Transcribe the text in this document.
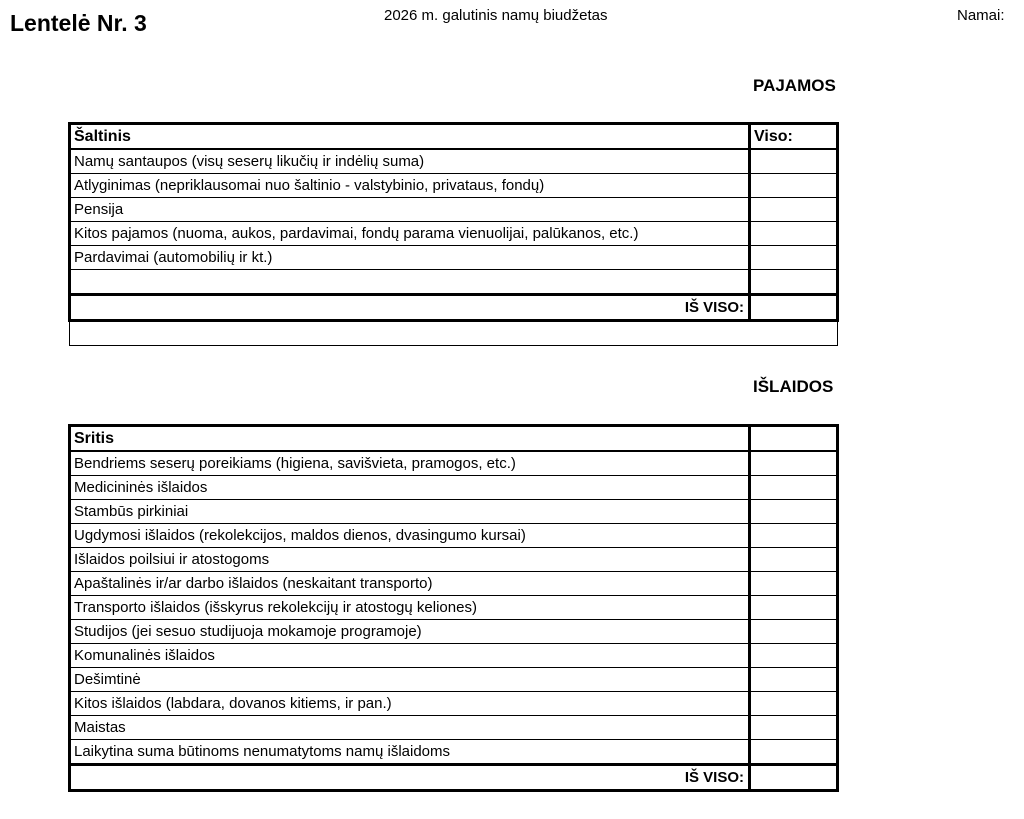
Lentelė Nr. 3	2026 m. galutinis namų biudžetas	Namai:
PAJAMOS
Šaltinis	Viso:
Namų santaupos (visų seserų likučių ir indėlių suma)	
Atlyginimas (nepriklausomai nuo šaltinio - valstybinio, privataus, fondų)	
Pensija	
Kitos pajamos (nuoma, aukos, pardavimai, fondų parama vienuolijai, palūkanos, etc.)	
Pardavimai (automobilių ir kt.)	

IŠ VISO:	

IŠLAIDOS
Sritis	
Bendriems seserų poreikiams (higiena, savišvieta, pramogos, etc.)	
Medicininės išlaidos	
Stambūs pirkiniai	
Ugdymosi išlaidos (rekolekcijos, maldos dienos, dvasingumo kursai)	
Išlaidos poilsiui ir atostogoms	
Apaštalinės ir/ar darbo išlaidos (neskaitant transporto)	
Transporto išlaidos (išskyrus rekolekcijų ir atostogų keliones)	
Studijos (jei sesuo studijuoja mokamoje programoje)	
Komunalinės išlaidos	
Dešimtinė	
Kitos išlaidos (labdara, dovanos kitiems, ir pan.)	
Maistas	
Laikytina suma būtinoms nenumatytoms namų išlaidoms	
IŠ VISO:	
